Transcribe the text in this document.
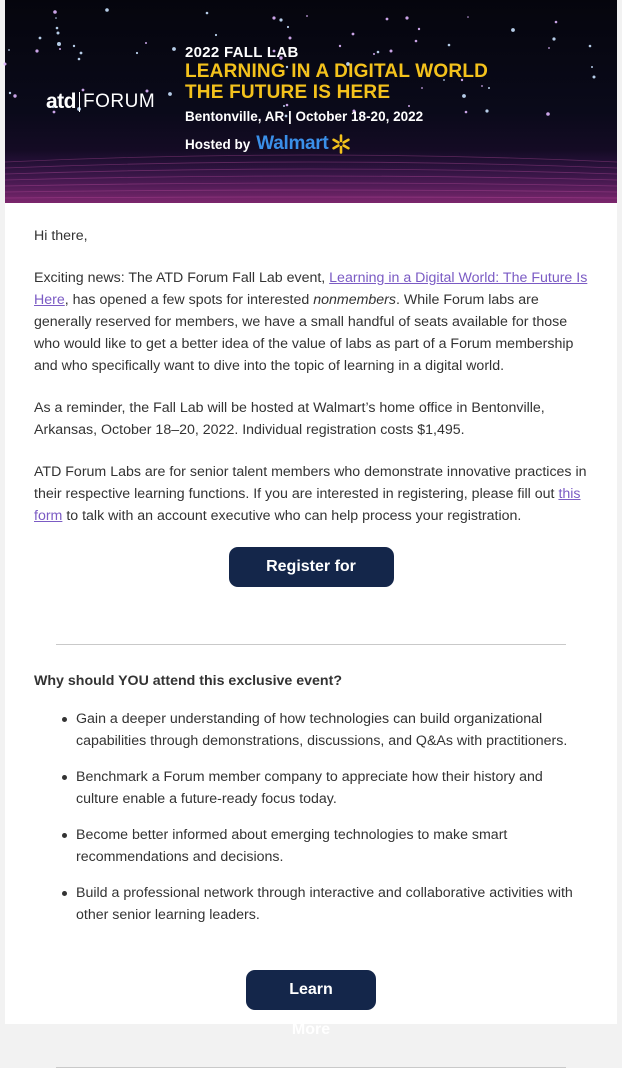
atd FORUM
2022 FALL LAB
LEARNING IN A DIGITAL WORLD
THE FUTURE IS HERE
Bentonville, AR | October 18-20, 2022
Hosted by Walmart

Hi there,

Exciting news: The ATD Forum Fall Lab event, Learning in a Digital World: The Future Is Here, has opened a few spots for interested nonmembers. While Forum labs are generally reserved for members, we have a small handful of seats available for those who would like to get a better idea of the value of labs as part of a Forum membership and who specifically want to dive into the topic of learning in a digital world.

As a reminder, the Fall Lab will be hosted at Walmart’s home office in Bentonville, Arkansas, October 18–20, 2022. Individual registration costs $1,495.

ATD Forum Labs are for senior talent members who demonstrate innovative practices in their respective learning functions. If you are interested in registering, please fill out this form to talk with an account executive who can help process your registration.

Register for Lab
Why should YOU attend this exclusive event?
Gain a deeper understanding of how technologies can build organizational capabilities through demonstrations, discussions, and Q&As with practitioners.
Benchmark a Forum member company to appreciate how their history and culture enable a future-ready focus today.
Become better informed about emerging technologies to make smart recommendations and decisions.
Build a professional network through interactive and collaborative activities with other senior learning leaders.
Learn More
